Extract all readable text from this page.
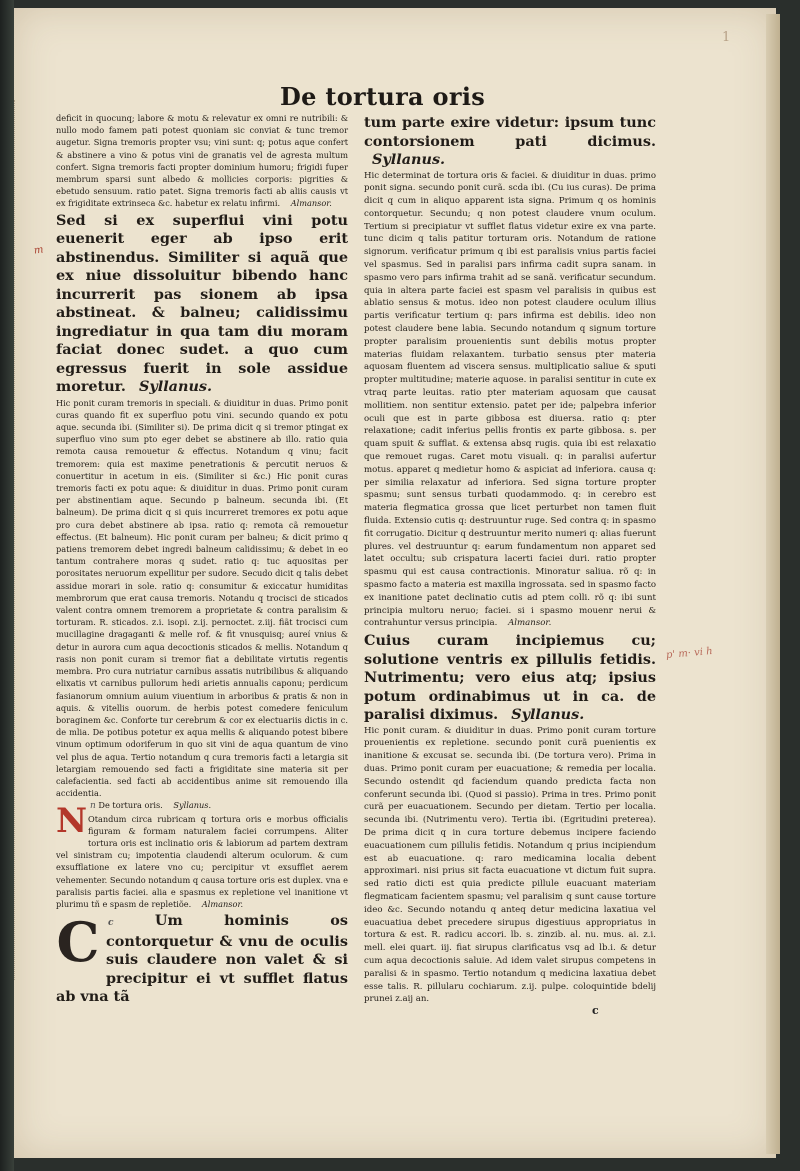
1
De tortura oris
m
p' m· vi h

deficit in quocunq; labore & motu & relevatur ex omni re nutribili: & nullo modo famem pati potest quoniam sic conviat & tunc tremor augetur. Signa tremoris propter vsu; vini sunt: q; potus aque confert & abstinere a vino & potus vini de granatis vel de agresta multum confert. Signa tremoris facti propter dominium humoru; frigidi fuper membrum sparsi sunt albedo & mollicies corporis: pigrities & ebetudo sensuum. ratio patet. Signa tremoris facti ab aliis causis vt ex frigiditate extrinseca &c. habetur ex relatu infirmi. Almansor.

Sed si ex superflui vini potu euenerit eger ab ipso erit abstinendus. Similiter si aquã que ex niue dissoluitur bibendo hanc incurrerit pas sionem ab ipsa abstineat. & balneu; calidissimu ingrediatur in qua tam diu moram faciat donec sudet. a quo cum egressus fuerit in sole assidue moretur. Syllanus.

Hic ponit curam tremoris in speciali. & diuiditur in duas. Primo ponit curas quando fit ex superfluo potu vini. secundo quando ex potu aque. secunda ibi. (Similiter si). De prima dicit q si tremor ptingat ex superfluo vino sum pto eger debet se abstinere ab illo. ratio quia remota causa remouetur & effectus. Notandum q vinu; facit tremorem: quia est maxime penetrationis & percutit neruos & conuertitur in acetum in eis. (Similiter si &c.) Hic ponit curas tremoris facti ex potu aque: & diuiditur in duas. Primo ponit curam per abstinentiam aque. Secundo p balneum. secunda ibi. (Et balneum). De prima dicit q si quis incurreret tremores ex potu aque pro cura debet abstinere ab ipsa. ratio q: remota cã remouetur effectus. (Et balneum). Hic ponit curam per balneu; & dicit primo q patiens tremorem debet ingredi balneum calidissimu; & debet in eo tantum contrahere moras q sudet. ratio q: tuc aquositas per porositates neruorum expellitur per sudore. Secudo dicit q talis debet assidue morari in sole. ratio q: consumitur & exiccatur humiditas membrorum que erat causa tremoris. Notandu q trocisci de sticados valent contra omnem tremorem a proprietate & contra paralisim & torturam. R. sticados. z.i. isopi. z.ij. pernoctet. z.iij. fiãt trocisci cum mucillagine dragaganti & melle rof. & fit vnusquisq; aureí vnius & detur in aurora cum aqua decoctionis sticados & mellis. Notandum q rasis non ponit curam si tremor fiat a debilitate virtutis regentis membra. Pro cura nutriatur carnibus assatis nutribilibus & aliquando elixatis vt carnibus pullorum hedi arietis annualis caponu; perdicum fasianorum omnium auium viuentium in arboribus & pratis & non in aquis. & vitellis ouorum. de herbis potest comedere feniculum boraginem &c. Conforte tur cerebrum & cor ex electuariis dictis in c. de mlia. De potibus potetur ex aqua mellis & aliquando potest bibere vinum optimum odoriferum in quo sit vini de aqua quantum de vino vel plus de aqua. Tertio notandum q cura tremoris facti a letargia sit letargiam remouendo sed facti a frigiditate sine materia sit per calefacientia. sed facti ab accidentibus anime sit remouendo illa accidentia.

N n De tortura oris. Syllanus.

Otandum circa rubricam q tortura oris e morbus officialis figuram & formam naturalem faciei corrumpens. Aliter tortura oris est inclinatio oris & labiorum ad partem dextram vel sinistram cu; impotentia claudendi alterum oculorum. & cum exsufflatione ex latere vno cu; percipitur vt exsufflet aerem vehementer. Secundo notandum q causa torture oris est duplex. vna e paralisis partis faciei. alia e spasmus ex repletione vel inanitione vt plurimu tñ e spasm de repletiõe. Almansor.

C c	Um hominis os contorquetur & vnu de oculis suis claudere non valet & si precipitur ei vt sufflet flatus ab vna tã

tum parte exire videtur: ipsum tunc contorsionem pati dicimus. Syllanus.

Hic determinat de tortura oris & faciei. & diuiditur in duas. primo ponit signa. secundo ponit curã. scda ibi. (Cu ius curas). De prima dicit q cum in aliquo apparent ista signa. Primum q os hominis contorquetur. Secundu; q non potest claudere vnum oculum. Tertium si precipiatur vt sufflet flatus videtur exire ex vna parte. tunc dicim q talis patitur torturam oris. Notandum de ratione signorum. verificatur primum q ibi est paralisis vnius partis faciei vel spasmus. Sed in paralisi pars infirma cadit supra sanam. in spasmo vero pars infirma trahit ad se sanã. verificatur secundum. quia in altera parte faciei est spasm vel paralisis in quibus est ablatio sensus & motus. ideo non potest claudere oculum illius partis verificatur tertium q: pars infirma est debilis. ideo non potest claudere bene labia. Secundo notandum q signum torture propter paralisim prouenientis sunt debilis motus propter materias fluidam relaxantem. turbatio sensus pter materia aquosam fluentem ad viscera sensus. multiplicatio saliue & sputi propter multitudine; materie aquose. in paralisi sentitur in cute ex vtraq parte leuitas. ratio pter materiam aquosam que causat mollitiem. non sentitur extensio. patet per ide; palpebra inferior oculi que est in parte gibbosa est diuersa. ratio q: pter relaxatione; cadit inferius pellis frontis ex parte gibbosa. s. per quam spuit & sufflat. & extensa absq rugis. quia ibi est relaxatio que remouet rugas. Caret motu visuali. q: in paralisi aufertur motus. apparet q medietur homo & aspiciat ad inferiora. causa q: per similia relaxatur ad inferiora. Sed signa torture propter spasmu; sunt sensus turbati quodammodo. q: in cerebro est materia flegmatica grossa que licet perturbet non tamen fluit fluida. Extensio cutis q: destruuntur ruge. Sed contra q: in spasmo fit corrugatio. Dicitur q destruuntur merito numeri q: alias fuerunt plures. vel destruuntur q: earum fundamentum non apparet sed latet occultu; sub crispatura lacerti faciei duri. ratio propter spasmu qui est causa contractionis. Minoratur saliua. rõ q: in spasmo facto a materia est maxilla ingrossata. sed in spasmo facto ex inanitione patet declinatio cutis ad ptem colli. rõ q: ibi sunt principia multoru neruo; faciei. si i spasmo mouenr nerui & contrahuntur versus principia. Almansor.

Cuius curam incipiemus cu; solutione ventris ex pillulis fetidis. Nutrimentu; vero eius atq; ipsius potum ordinabimus ut in ca. de paralisi diximus. Syllanus.

Hic ponit curam. & diuiditur in duas. Primo ponit curam torture prouenientis ex repletione. secundo ponit curã puenientis ex inanitione & excusat se. secunda ibi. (De tortura vero). Prima in duas. Primo ponit curam per euacuatione; & remedia per localia. Secundo ostendit qd faciendum quando predicta facta non conferunt secunda ibi. (Quod si passio). Prima in tres. Primo ponit curã per euacuationem. Secundo per dietam. Tertio per localia. secunda ibi. (Nutrimentu vero). Tertia ibi. (Egritudini preterea). De prima dicit q in cura torture debemus incipere faciendo euacuationem cum pillulis fetidis. Notandum q prius incipiendum est ab euacuatione. q: raro medicamina localia debent approximari. nisi prius sit facta euacuatione vt dictum fuit supra. sed ratio dicti est quia predicte pillule euacuant materiam flegmaticam facientem spasmu; vel paralisim q sunt cause torture ideo &c. Secundo notandu q anteq detur medicina laxatiua vel euacuatiua debet precedere sirupus digestiuus appropriatus in tortura & est. R. radicu accori. lb. s. zinzib. al. nu. mus. ai. z.i. mell. elei quart. iij. fiat sirupus clarificatus vsq ad lb.i. & detur cum aqua decoctionis saluie. Ad idem valet sirupus competens in paralisi & in spasmo. Tertio notandum q medicina laxatiua debet esse talis. R. pillularu cochiarum. z.ij. pulpe. coloquintide bdelij prunei z.aij an.

c
